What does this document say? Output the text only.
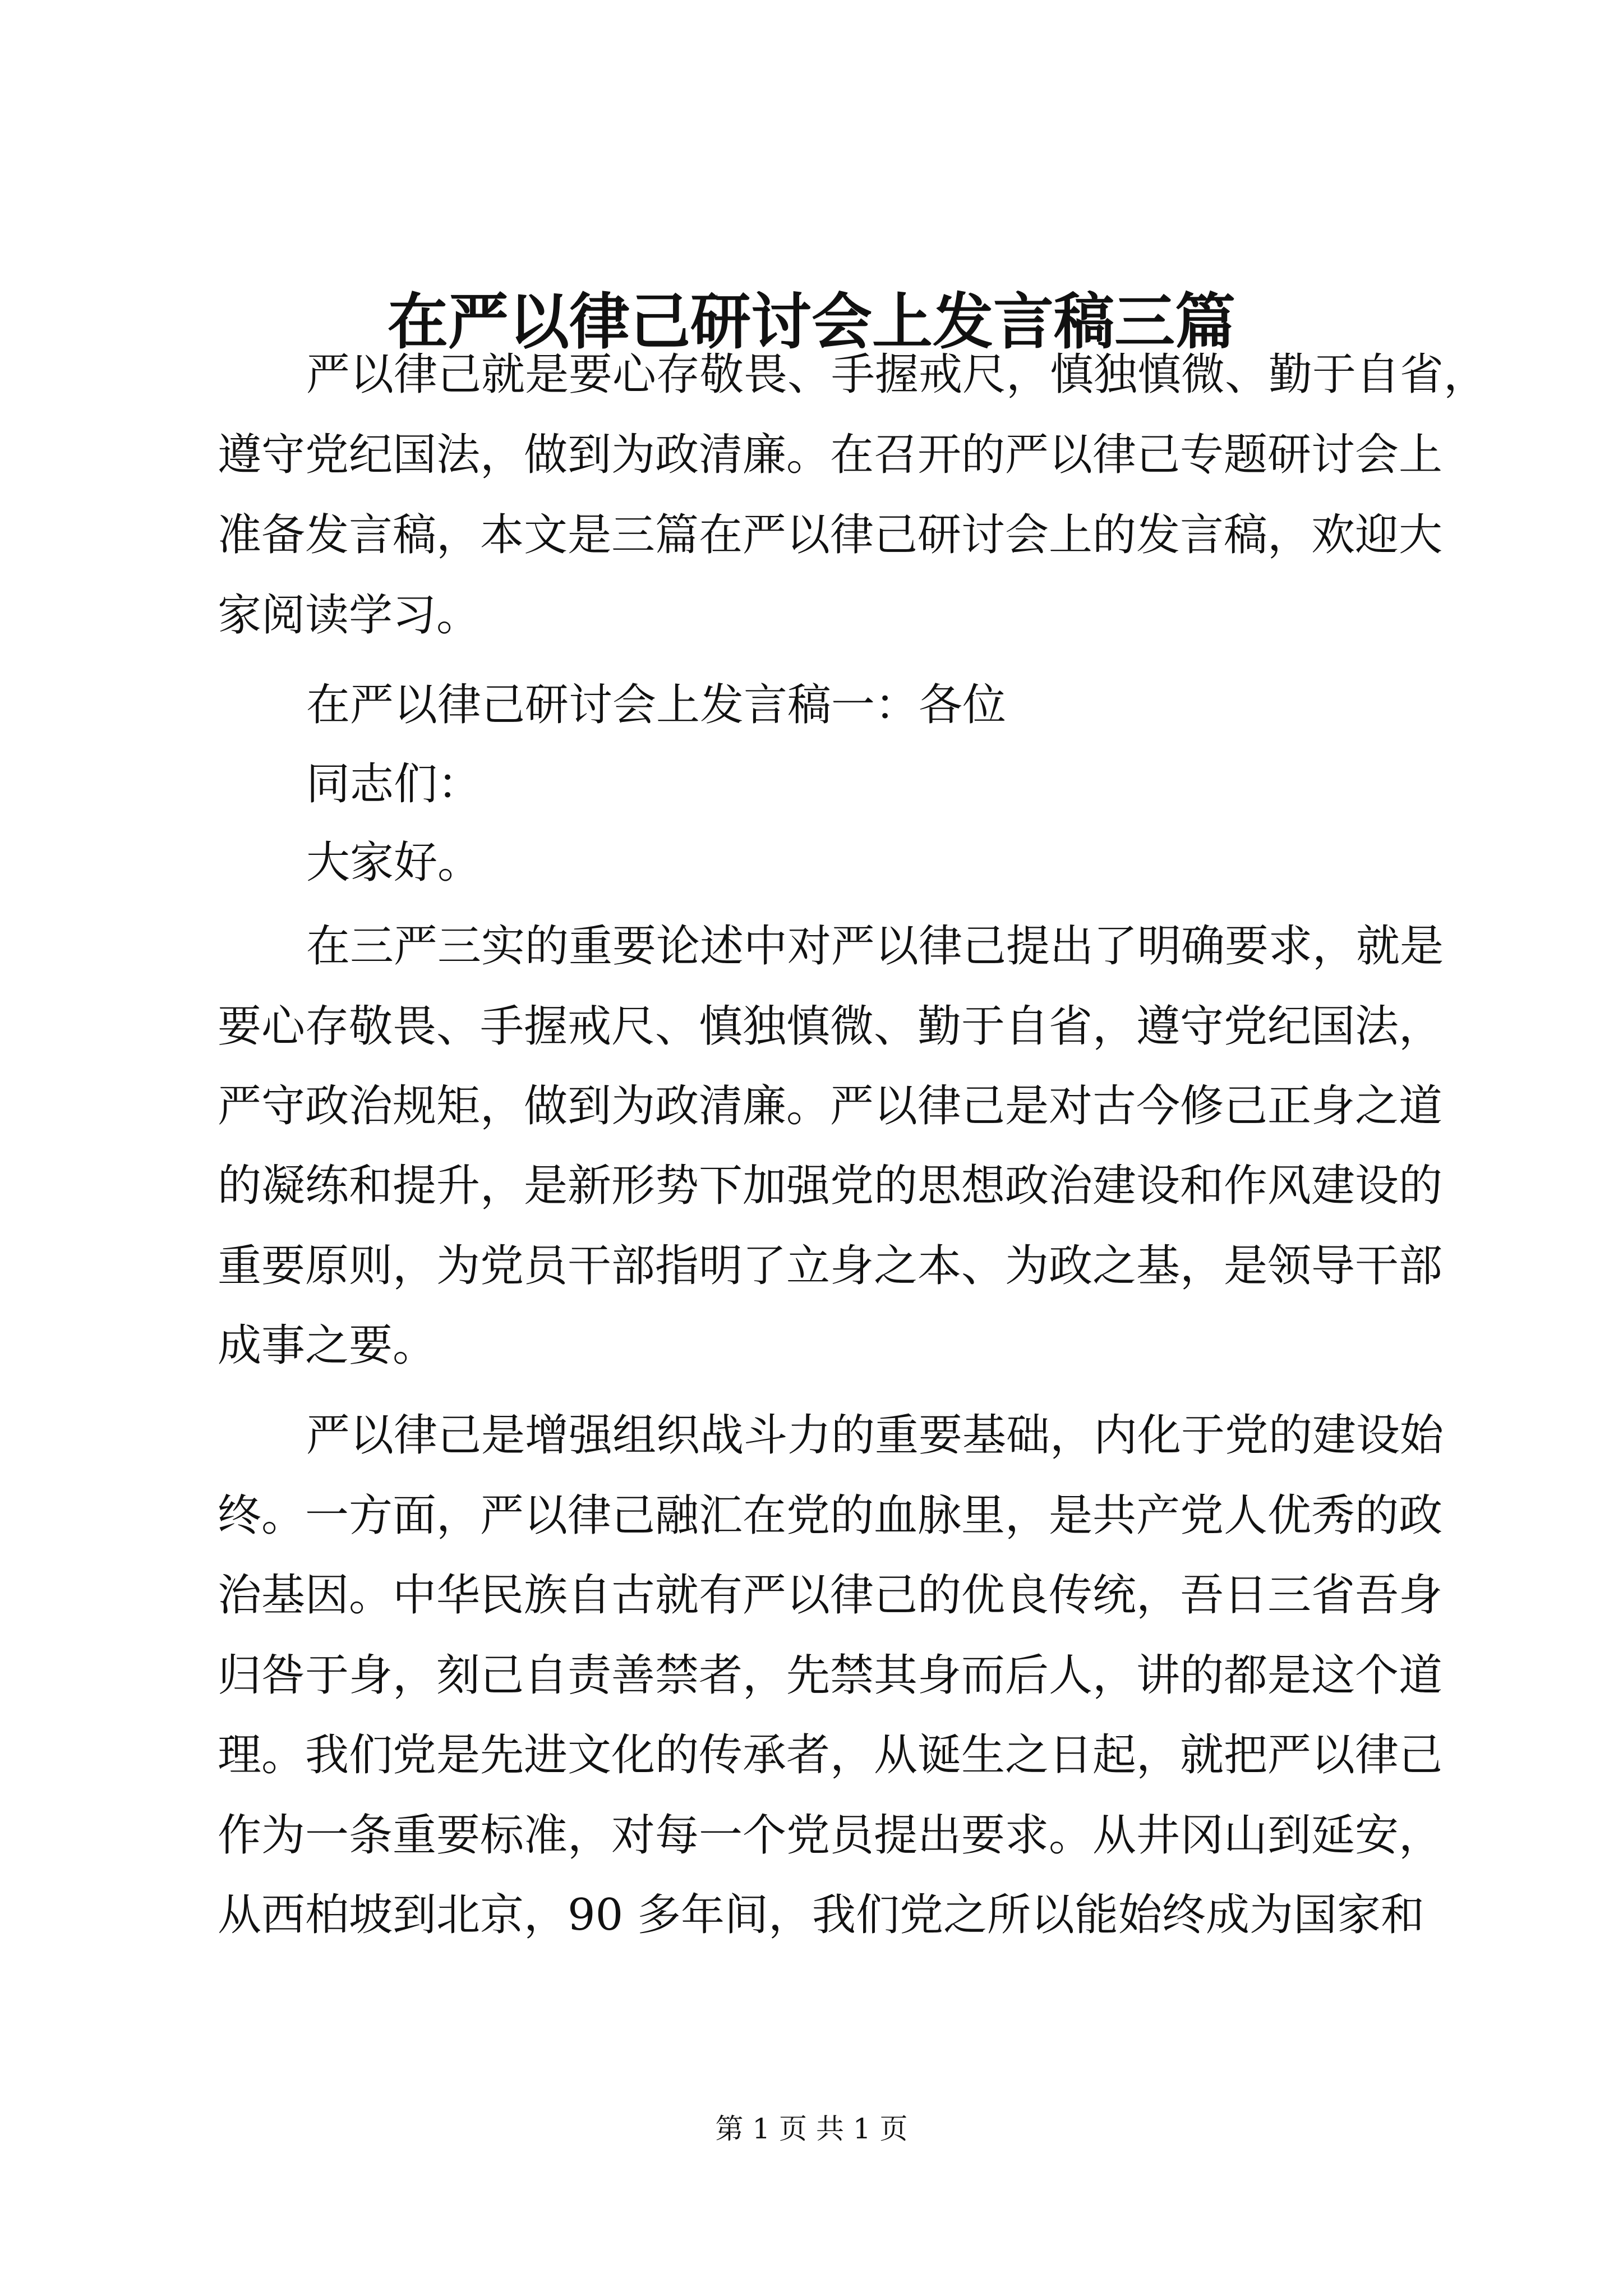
在严以律己研讨会上发言稿三篇
严以律己就是要心存敬畏、手握戒尺，慎独慎微、勤于自省，
遵守党纪国法，做到为政清廉。在召开的严以律己专题研讨会上
准备发言稿，本文是三篇在严以律己研讨会上的发言稿，欢迎大
家阅读学习。
在严以律己研讨会上发言稿一：各位
同志们：
大家好。
在三严三实的重要论述中对严以律己提出了明确要求，就是
要心存敬畏、手握戒尺、慎独慎微、勤于自省，遵守党纪国法，
严守政治规矩，做到为政清廉。严以律己是对古今修己正身之道
的凝练和提升，是新形势下加强党的思想政治建设和作风建设的
重要原则，为党员干部指明了立身之本、为政之基，是领导干部
成事之要。
严以律己是增强组织战斗力的重要基础，内化于党的建设始
终。一方面，严以律己融汇在党的血脉里，是共产党人优秀的政
治基因。中华民族自古就有严以律己的优良传统，吾日三省吾身
归咎于身，刻己自责善禁者，先禁其身而后人，讲的都是这个道
理。我们党是先进文化的传承者，从诞生之日起，就把严以律己
作为一条重要标准，对每一个党员提出要求。从井冈山到延安，
从西柏坡到北京，90 多年间，我们党之所以能始终成为国家和
第 1 页 共 1 页
